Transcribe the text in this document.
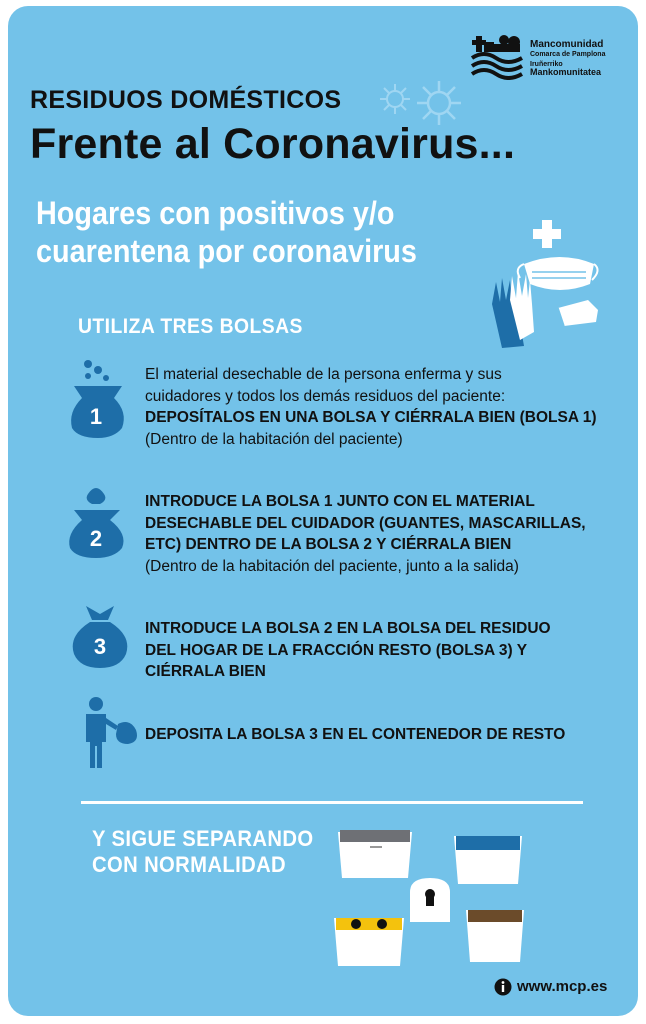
Mancomunidad
Comarca de Pamplona
Iruñerriko
Mankomunitatea
RESIDUOS DOMÉSTICOS
Frente al Coronavirus...
Hogares con positivos y/o
cuarentena por coronavirus
UTILIZA TRES BOLSAS
1
El material desechable de la persona enferma y sus
cuidadores y todos los demás residuos del paciente:
DEPOSÍTALOS EN UNA BOLSA Y CIÉRRALA BIEN (BOLSA 1)
(Dentro de la habitación del paciente)
2
INTRODUCE LA BOLSA 1 JUNTO CON EL MATERIAL
DESECHABLE DEL CUIDADOR (GUANTES, MASCARILLAS,
ETC) DENTRO DE LA BOLSA 2 Y CIÉRRALA BIEN
(Dentro de la habitación del paciente, junto a la salida)
3
INTRODUCE LA BOLSA 2 EN LA BOLSA DEL RESIDUO
DEL HOGAR DE LA FRACCIÓN RESTO (BOLSA 3) Y
CIÉRRALA BIEN
DEPOSITA LA BOLSA 3 EN EL CONTENEDOR DE RESTO
Y SIGUE SEPARANDO
CON NORMALIDAD
www.mcp.es
